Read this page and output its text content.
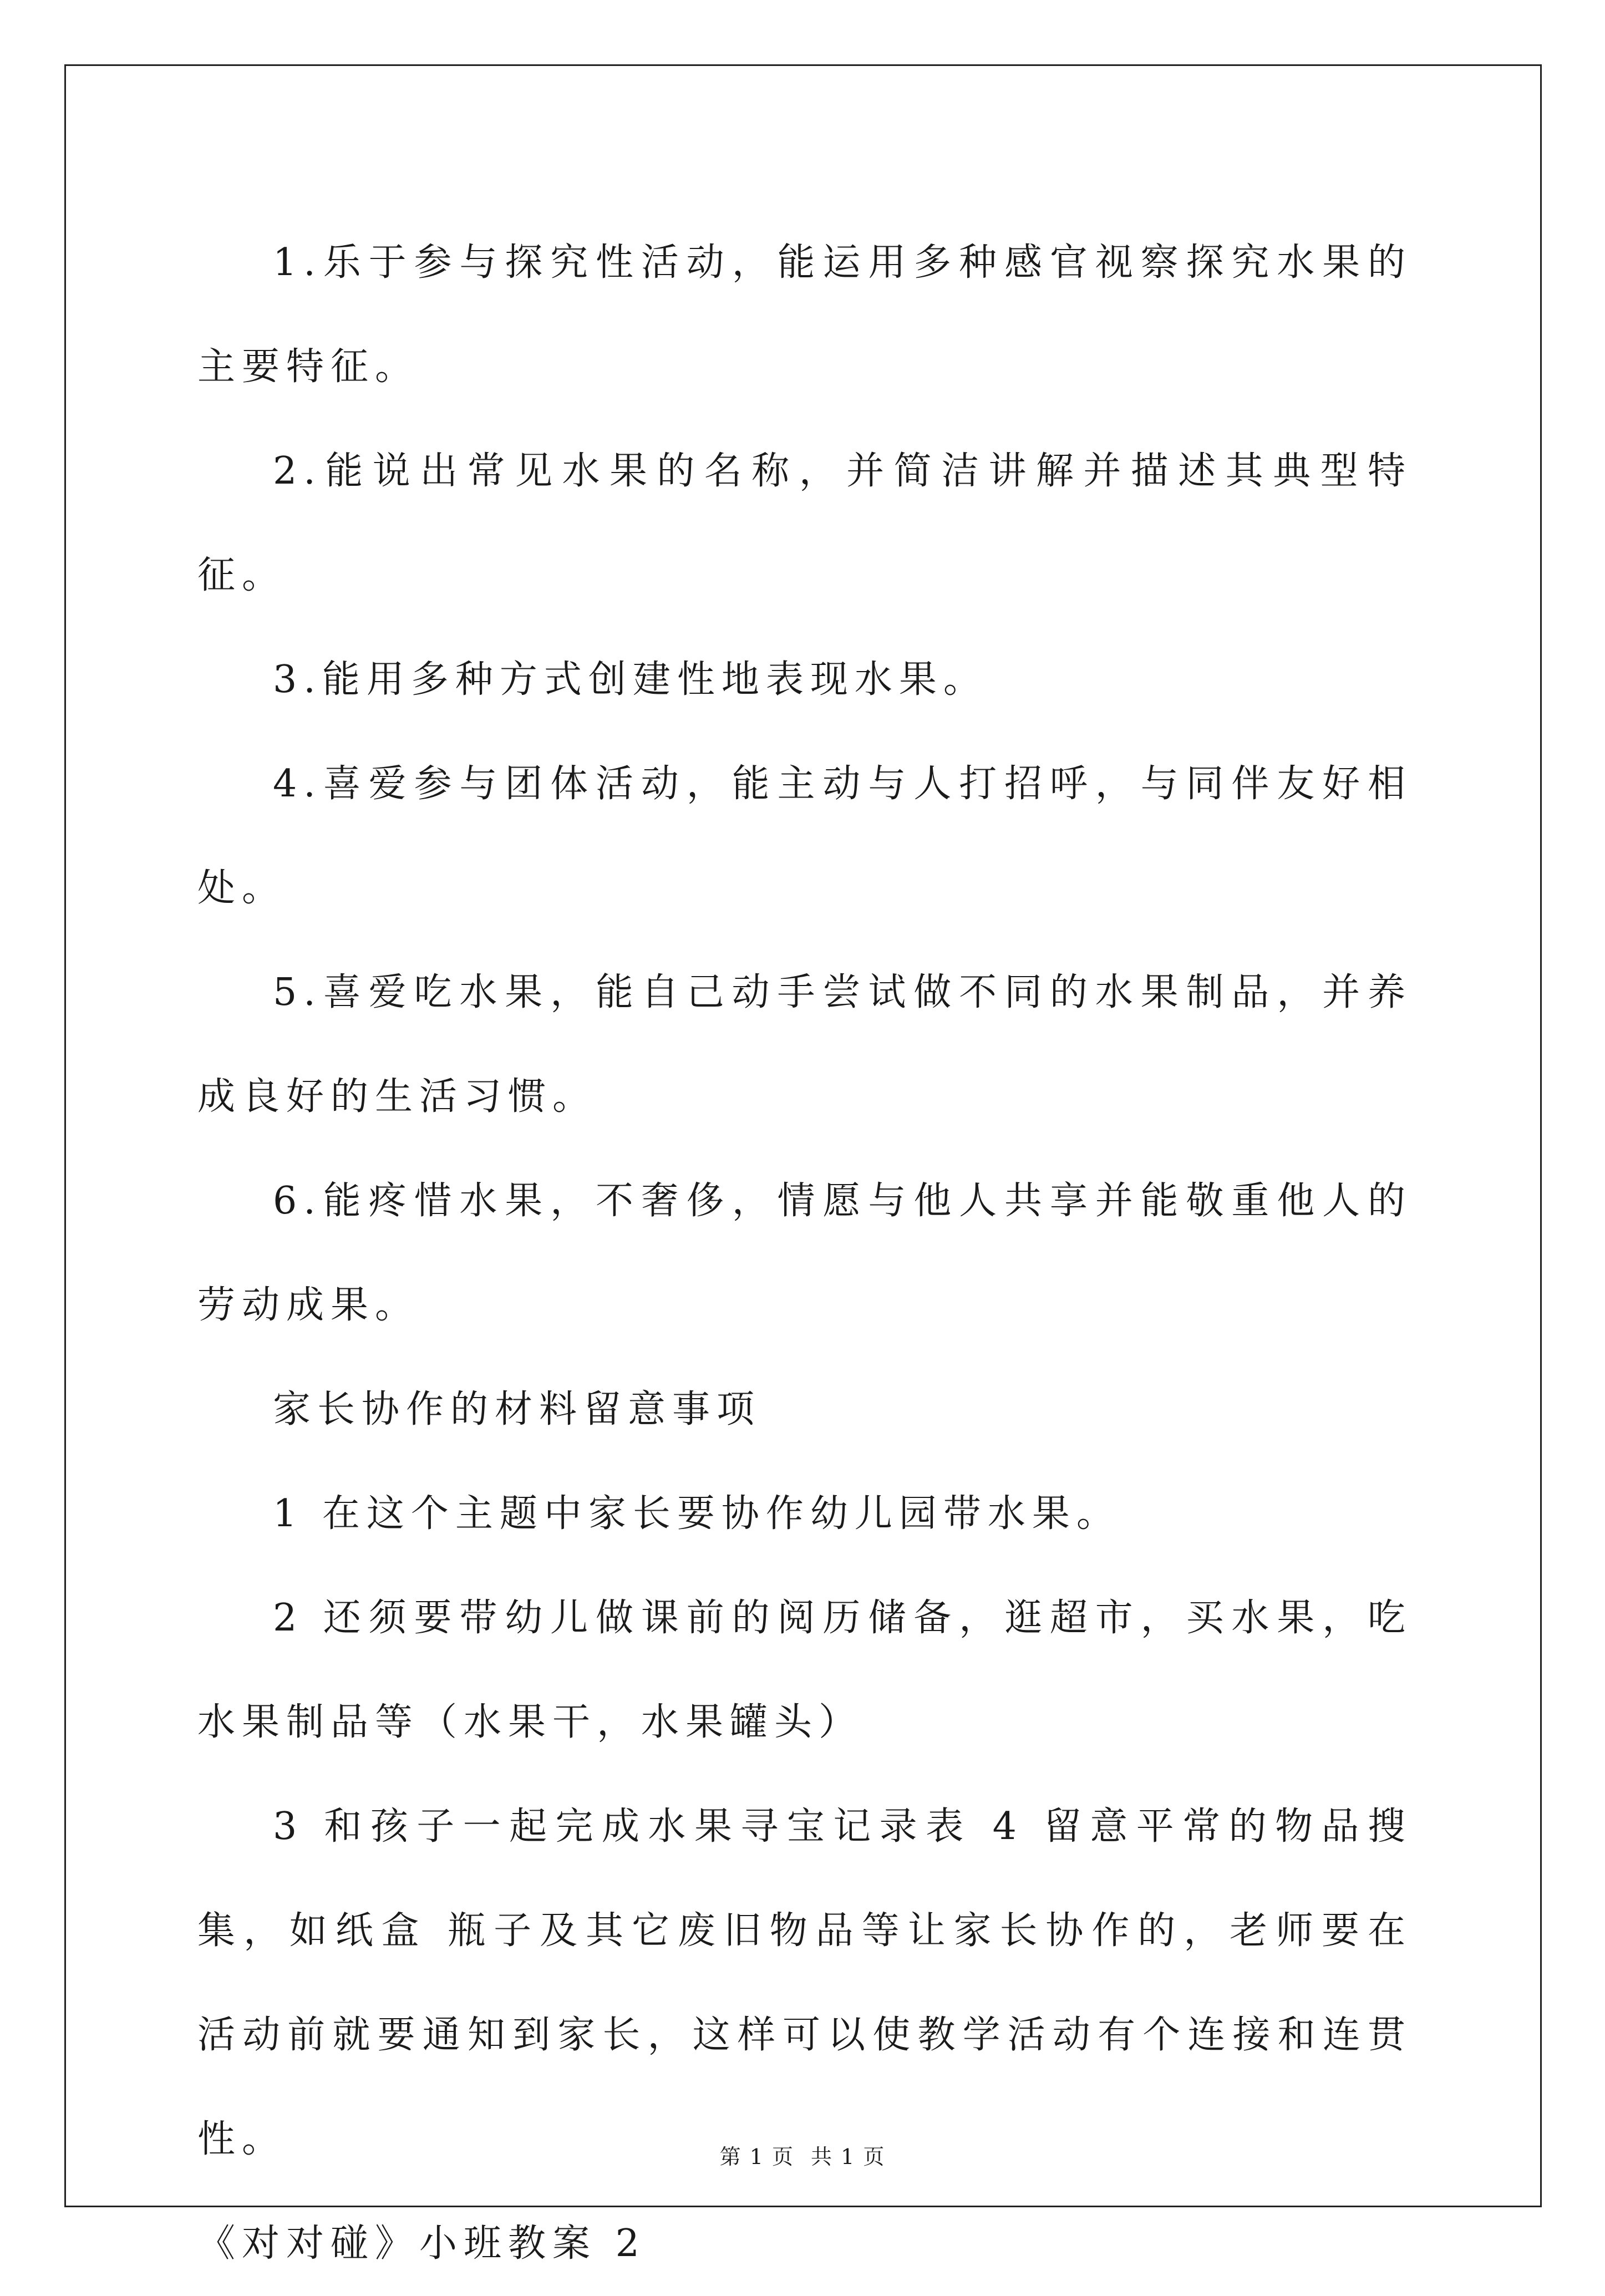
1.乐于参与探究性活动，能运用多种感官视察探究水果的主要特征。

2.能说出常见水果的名称，并简洁讲解并描述其典型特征。

3.能用多种方式创建性地表现水果。

4.喜爱参与团体活动，能主动与人打招呼，与同伴友好相处。

5.喜爱吃水果，能自己动手尝试做不同的水果制品，并养成良好的生活习惯。

6.能疼惜水果，不奢侈，情愿与他人共享并能敬重他人的劳动成果。

家长协作的材料留意事项

1 在这个主题中家长要协作幼儿园带水果。

2 还须要带幼儿做课前的阅历储备，逛超市，买水果，吃水果制品等（水果干，水果罐头）

3 和孩子一起完成水果寻宝记录表 4 留意平常的物品搜集，如纸盒 瓶子及其它废旧物品等让家长协作的，老师要在活动前就要通知到家长，这样可以使教学活动有个连接和连贯性。

《对对碰》小班教案 2

第 1 页 共 1 页
